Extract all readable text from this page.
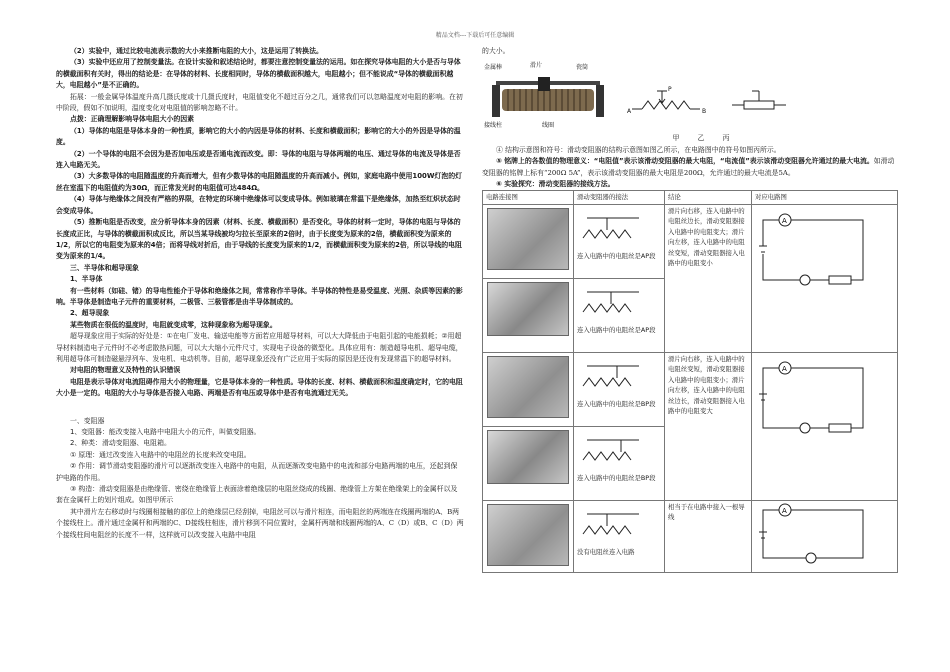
精品文档---下载后可任意编辑

（2）实验中，通过比较电流表示数的大小来推断电阻的大小，这是运用了转换法。

（3）实验中还应用了控制变量法。在设计实验和叙述结论时，都要注意控制变量法的运用。如在探究导体电阻的大小是否与导体的横截面积有关时，得出的结论是：在导体的材料、长度相同时，导体的横截面积越大，电阻越小；但不能说成“导体的横截面积越大，电阻越小”是不正确的。

拓展：一般金属导体温度升高几摄氏度或十几摄氏度时，电阻值变化不超过百分之几，通常我们可以忽略温度对电阻的影响。在初中阶段，假如不加说明，温度变化对电阻值的影响忽略不计。

点拨：正确理解影响导体电阻大小的因素

（1）导体的电阻是导体本身的一种性质，影响它的大小的内因是导体的材料、长度和横截面积；影响它的大小的外因是导体的温度。

（2）一个导体的电阻不会因为是否加电压或是否通电流而改变。即：导体的电阻与导体两端的电压、通过导体的电流及导体是否连入电路无关。

（3）大多数导体的电阻随温度的升高而增大，但有少数导体的电阻随温度的升高而减小。例如，家庭电路中使用100W灯泡的灯丝在室温下的电阻值约为30Ω，而正常发光时的电阻值可达484Ω。

（4）导体与绝缘体之间没有严格的界限，在特定的环境中绝缘体可以变成导体。例如玻璃在常温下是绝缘体，加热至红炽状态时会变成导体。

（5）推断电阻是否改变，应分析导体本身的因素（材料、长度、横截面积）是否变化，导体的材料一定时，导体的电阻与导体的长度成正比，与导体的横截面积成反比，所以当某导线被均匀拉长至原来的2倍时，由于长度变为原来的2倍，横截面积变为原来的1/2，所以它的电阻变为原来的4倍；而将导线对折后，由于导线的长度变为原来的1/2，而横截面积变为原来的2倍，所以导线的电阻变为原来的1/4。

三、半导体和超导现象

1、半导体

有一些材料（如硅、锗）的导电性能介于导体和绝缘体之间，常常称作半导体。半导体的特性是易受温度、光照、杂质等因素的影响。半导体是制造电子元件的重要材料，二极管、三极管都是由半导体制成的。

2、超导现象

某些物质在很低的温度时，电阻就变成零，这种现象称为超导现象。

超导现象应用于实际的好处是：①在电厂发电、输送电能等方面若应用超导材料，可以大大降低由于电阻引起的电能损耗；②用超导材料制造电子元件时不必考虑散热问题，可以大大缩小元件尺寸，实现电子设备的微型化。具体应用有：制造超导电机、超导电缆，利用超导体可制造磁悬浮列车、发电机、电动机等。目前，超导现象还没有广泛应用于实际的原因是还没有发现常温下的超导材料。

对电阻的物理意义及特性的认识错误

电阻是表示导体对电流阻碍作用大小的物理量，它是导体本身的一种性质。导体的长度、材料、横截面积和温度确定时，它的电阻大小是一定的。电阻的大小与导体是否接入电路、两端是否有电压或导体中是否有电流通过无关。

一、变阻器

1、变阻器：能改变接入电路中电阻大小的元件，叫做变阻器。

2、种类：滑动变阻器、电阻箱。

① 原理：通过改变连入电路中的电阻丝的长度来改变电阻。

② 作用：调节滑动变阻器的滑片可以逐渐改变连入电路中的电阻，从而逐渐改变电路中的电流和部分电路两端的电压，还起到保护电路的作用。

③ 构造：滑动变阻器是由绝缘管、密绕在绝缘管上表面涂着绝缘层的电阻丝绕成的线圈、绝缘管上方架在绝缘架上的金属杆以及套在金属杆上的划片组成。如图甲所示

其中滑片左右移动时与线圈相接触的部位上的绝缘层已经刮掉，电阻丝可以与滑片相连，而电阻丝的两端连在线圈两端的A、B两个接线柱上。滑片通过金属杆和两端的C、D接线柱相连，滑片移到不同位置时，金属杆两端和线圈两端的A、C（D）或B、C（D）两个接线柱间电阻丝的长度不一样，这样就可以改变接入电路中电阻

的大小。

金属棒	滑片	瓷筒
接线柱	线圈
A	B
P
甲乙丙

④ 结构示意图和符号：滑动变阻器的结构示意图如图乙所示，在电路图中的符号如图丙所示。

⑤ 铭牌上的各数值的物理意义：“电阻值”表示该滑动变阻器的最大电阻，“电流值”表示该滑动变阻器允许通过的最大电流。如滑动变阻器的铭牌上标有“200Ω 5A”，表示该滑动变阻器的最大电阻是200Ω，允许通过的最大电流是5A。

⑥ 实验探究：滑动变阻器的接线方法。

电路连接图	滑动变阻器的接法	结论	对应电路图

	连入电路中的电阻丝是AP段	滑片向右移，连入电路中的电阻丝边长，滑动变阻器接入电路中的电阻变大；滑片向左移，连入电路中的电阻丝变短，滑动变阻器接入电路中的电阻变小	A

	连入电路中的电阻丝是AP段		

	连入电路中的电阻丝是BP段	滑片向右移，连入电路中的电阻丝变短，滑动变阻器接入电路中的电阻变小；滑片向左移，连入电路中的电阻丝边长，滑动变阻器接入电路中的电阻变大	A

	连入电路中的电阻丝是BP段		

	没有电阻丝连入电路	相当于在电路中接入一根导线	A
